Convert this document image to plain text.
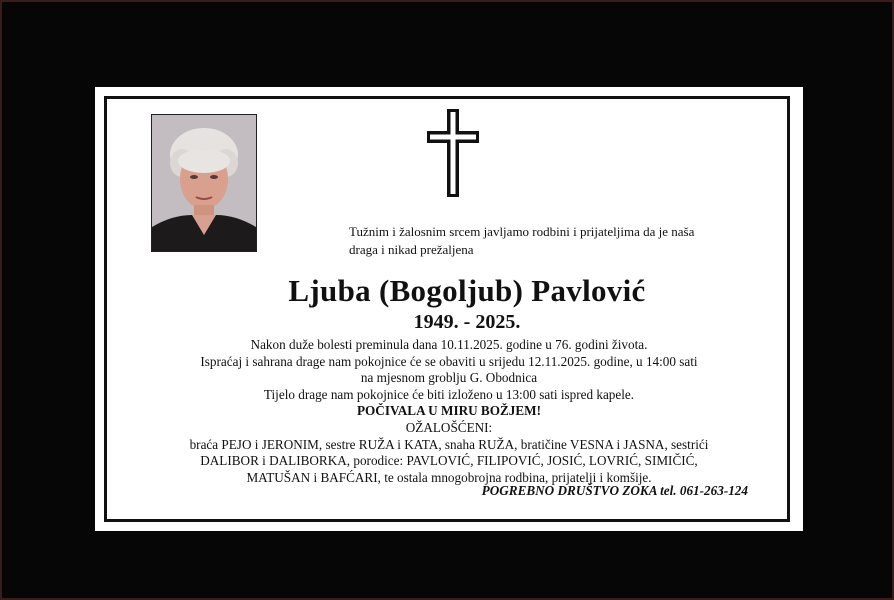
Tužnim i žalosnim srcem javljamo rodbini i prijateljima da je naša
draga i nikad prežaljena
Ljuba (Bogoljub) Pavlović
1949. - 2025.
Nakon duže bolesti preminula dana 10.11.2025. godine u 76. godini života.
Ispraćaj i sahrana drage nam pokojnice će se obaviti u srijedu 12.11.2025. godine, u 14:00 sati
na mjesnom groblju G. Obodnica
Tijelo drage nam pokojnice će biti izloženo u 13:00 sati ispred kapele.
POČIVALA U MIRU BOŽJEM!
OŽALOŠĆENI:
braća PEJO i JERONIM, sestre RUŽA i KATA, snaha RUŽA, bratičine VESNA i JASNA, sestrići
DALIBOR i DALIBORKA, porodice: PAVLOVIĆ, FILIPOVIĆ, JOSIĆ, LOVRIĆ, SIMIČIĆ,
MATUŠAN i BAFĆARI, te ostala mnogobrojna rodbina, prijatelji i komšije.
POGREBNO DRUŠTVO ZOKA tel. 061-263-124
